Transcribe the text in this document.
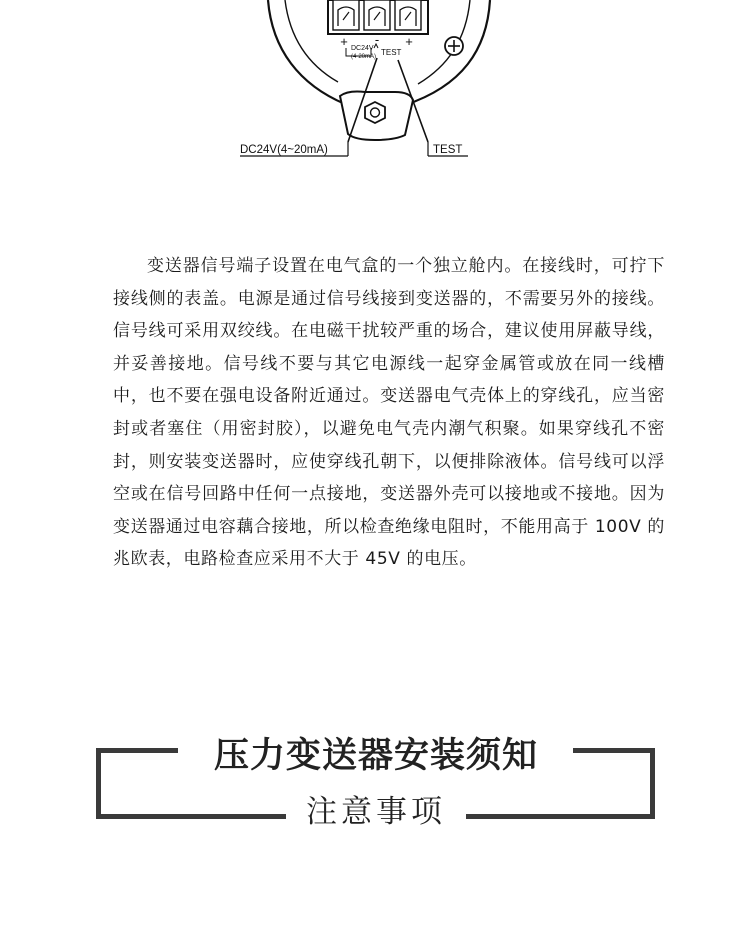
+ - +
DC24V
(4-20mA) TEST
DC24V(4~20mA)	TEST

变送器信号端子设置在电气盒的一个独立舱内。在接线时，可拧下接线侧的表盖。电源是通过信号线接到变送器的，不需要另外的接线。信号线可采用双绞线。在电磁干扰较严重的场合，建议使用屏蔽导线，并妥善接地。信号线不要与其它电源线一起穿金属管或放在同一线槽中，也不要在强电设备附近通过。变送器电气壳体上的穿线孔，应当密封或者塞住（用密封胶），以避免电气壳内潮气积聚。如果穿线孔不密封，则安装变送器时，应使穿线孔朝下，以便排除液体。信号线可以浮空或在信号回路中任何一点接地，变送器外壳可以接地或不接地。因为变送器通过电容藕合接地，所以检查绝缘电阻时，不能用高于 100V 的兆欧表，电路检查应采用不大于 45V 的电压。

压力变送器安装须知
注意事项
